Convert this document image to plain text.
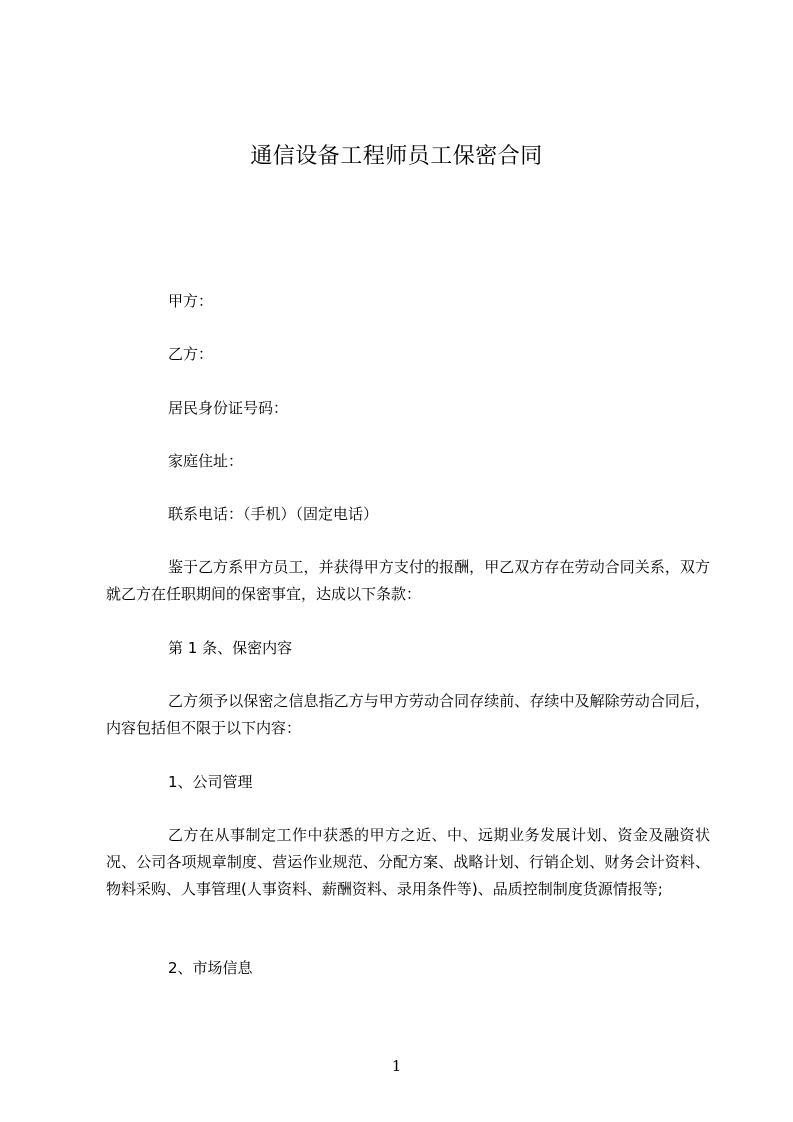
通信设备工程师员工保密合同
甲方：
乙方：
居民身份证号码：
家庭住址：
联系电话：（手机）（固定电话）
鉴于乙方系甲方员工，并获得甲方支付的报酬，甲乙双方存在劳动合同关系，双方就乙方在任职期间的保密事宜，达成以下条款：
第 1 条、保密内容
乙方须予以保密之信息指乙方与甲方劳动合同存续前、存续中及解除劳动合同后，内容包括但不限于以下内容：
1、公司管理
乙方在从事制定工作中获悉的甲方之近、中、远期业务发展计划、资金及融资状况、公司各项规章制度、营运作业规范、分配方案、战略计划、行销企划、财务会计资料、物料采购、人事管理(人事资料、薪酬资料、录用条件等)、品质控制制度货源情报等;
2、市场信息
1
